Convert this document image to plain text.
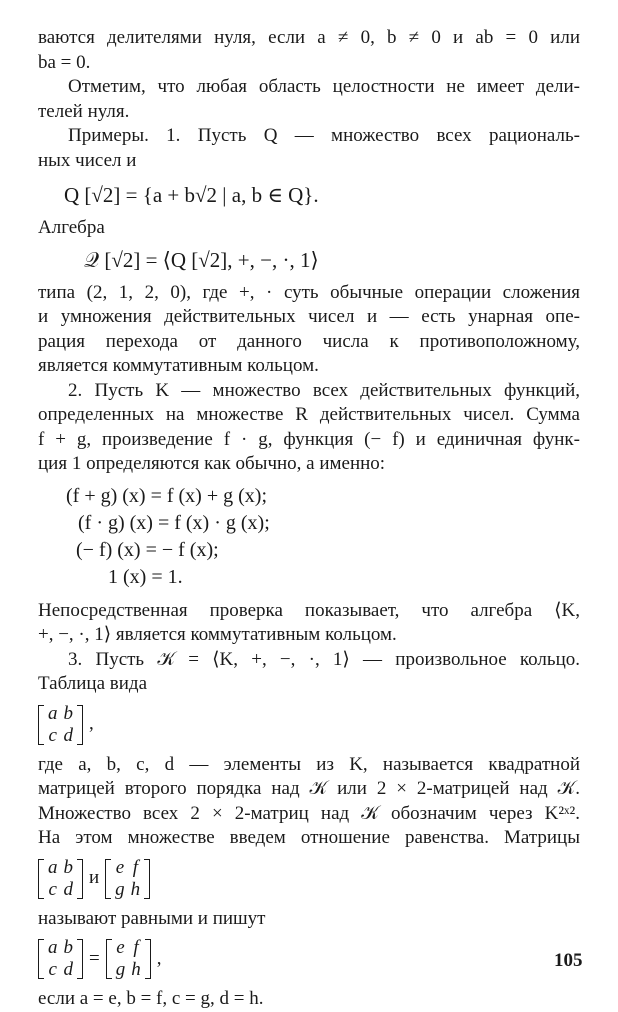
ваются делителями нуля, если a ≠ 0, b ≠ 0 и ab = 0 или
ba = 0.
Отметим, что любая область целостности не имеет дели-
телей нуля.
Примеры. 1. Пусть Q — множество всех рациональ-
ных чисел и
Q [√2] = {a + b√2 | a, b ∈ Q}.
Алгебра
𝒬 [√2] = ⟨Q [√2], +, −, ·, 1⟩
типа (2, 1, 2, 0), где +, · суть обычные операции сложения
и умножения действительных чисел и — есть унарная опе-
рация перехода от данного числа к противоположному,
является коммутативным кольцом.
2. Пусть K — множество всех действительных функций,
определенных на множестве R действительных чисел. Сумма
f + g, произведение f · g, функция (− f) и единичная функ-
ция 1 определяются как обычно, а именно:
(f + g) (x) = f (x) + g (x);
(f · g) (x) = f (x) · g (x);
(− f) (x) = − f (x);
1 (x) = 1.
Непосредственная проверка показывает, что алгебра ⟨K,
+, −, ·, 1⟩ является коммутативным кольцом.
3. Пусть 𝒦 = ⟨K, +, −, ·, 1⟩ — произвольное кольцо.
Таблица вида
a	b
c	d
,
где a, b, c, d — элементы из K, называется квадратной
матрицей второго порядка над 𝒦 или 2 × 2-матрицей над 𝒦.
Множество всех 2 × 2-матриц над 𝒦 обозначим через K²ˣ².
На этом множестве введем отношение равенства. Матрицы
a	b
c	d
и
e	f
g	h
называют равными и пишут
a	b
c	d
=
e	f
g	h
,
если a = e, b = f, c = g, d = h.
105
